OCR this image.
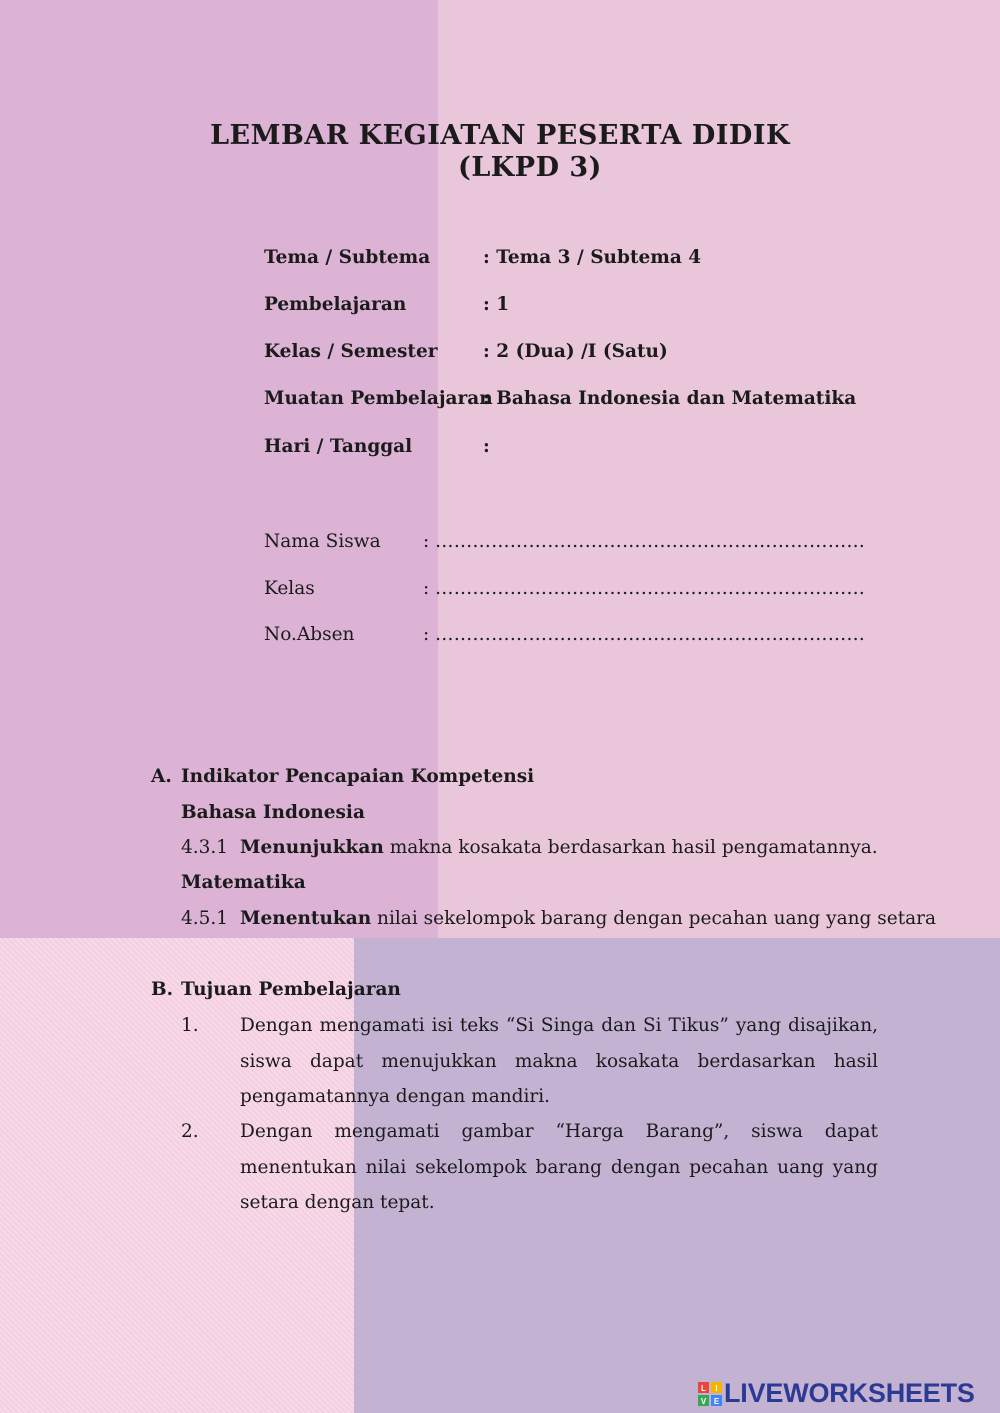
LEMBAR KEGIATAN PESERTA DIDIK
(LKPD 3)
Tema / Subtema	: Tema 3 / Subtema 4
Pembelajaran	: 1
Kelas / Semester : 2 (Dua) /I (Satu)
Muatan Pembelajaran
: Bahasa Indonesia dan Matematika
Hari / Tanggal	:
Nama Siswa : ……………………………………………………………
Kelas	: ……………………………………………………………
No.Absen	: ……………………………………………………………
A. Indikator Pencapaian Kompetensi
Bahasa Indonesia
4.3.1 Menunjukkan makna kosakata berdasarkan hasil pengamatannya.
Matematika
4.5.1 Menentukan nilai sekelompok barang dengan pecahan uang yang setara
B. Tujuan Pembelajaran
1. Dengan mengamati isi teks “Si Singa dan Si Tikus” yang disajikan, siswa dapat menujukkan makna kosakata berdasarkan hasil pengamatannya dengan mandiri.
2. Dengan mengamati gambar “Harga Barang”, siswa dapat menentukan nilai sekelompok barang dengan pecahan uang yang setara dengan tepat.
L I
V E LIVEWORKSHEETS
